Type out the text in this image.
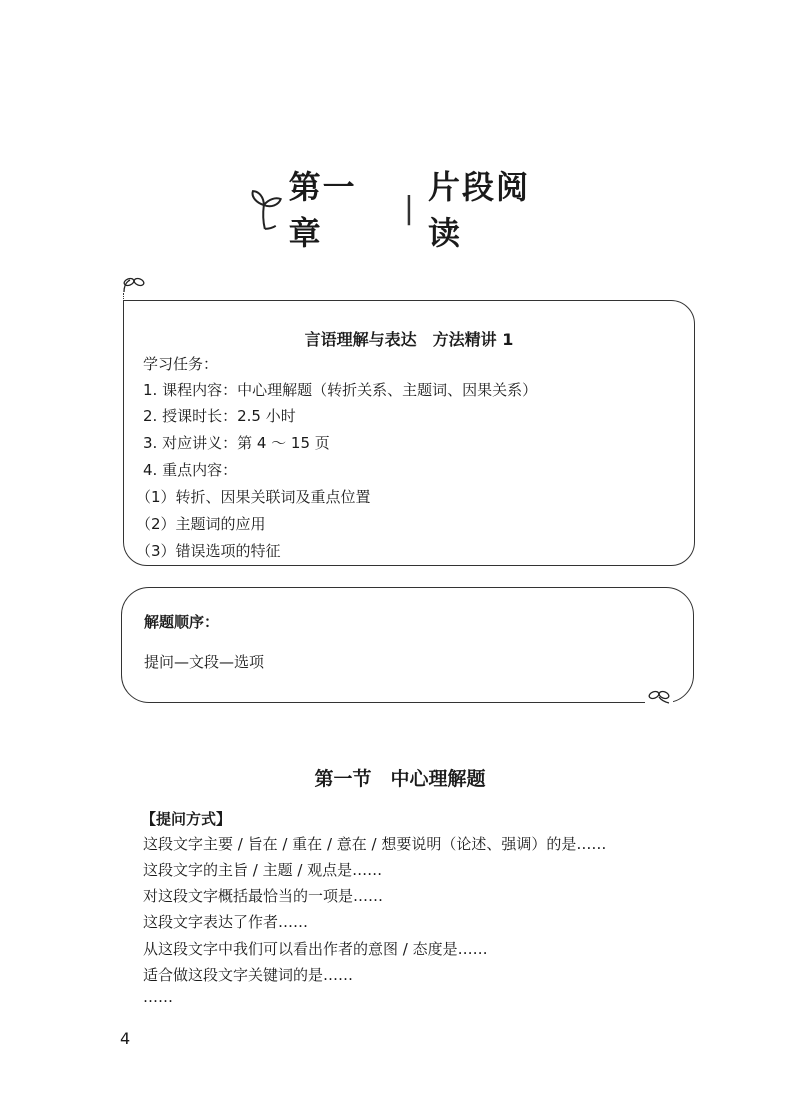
第一章
|
片段阅读
言语理解与表达　方法精讲 1
学习任务：
1. 课程内容：中心理解题（转折关系、主题词、因果关系）
2. 授课时长：2.5 小时
3. 对应讲义：第 4 ～ 15 页
4. 重点内容：
（1）转折、因果关联词及重点位置
（2）主题词的应用
（3）错误选项的特征
解题顺序：
提问—文段—选项
第一节　中心理解题
【提问方式】
这段文字主要 / 旨在 / 重在 / 意在 / 想要说明（论述、强调）的是……
这段文字的主旨 / 主题 / 观点是……
对这段文字概括最恰当的一项是……
这段文字表达了作者……
从这段文字中我们可以看出作者的意图 / 态度是……
适合做这段文字关键词的是……
……
4
